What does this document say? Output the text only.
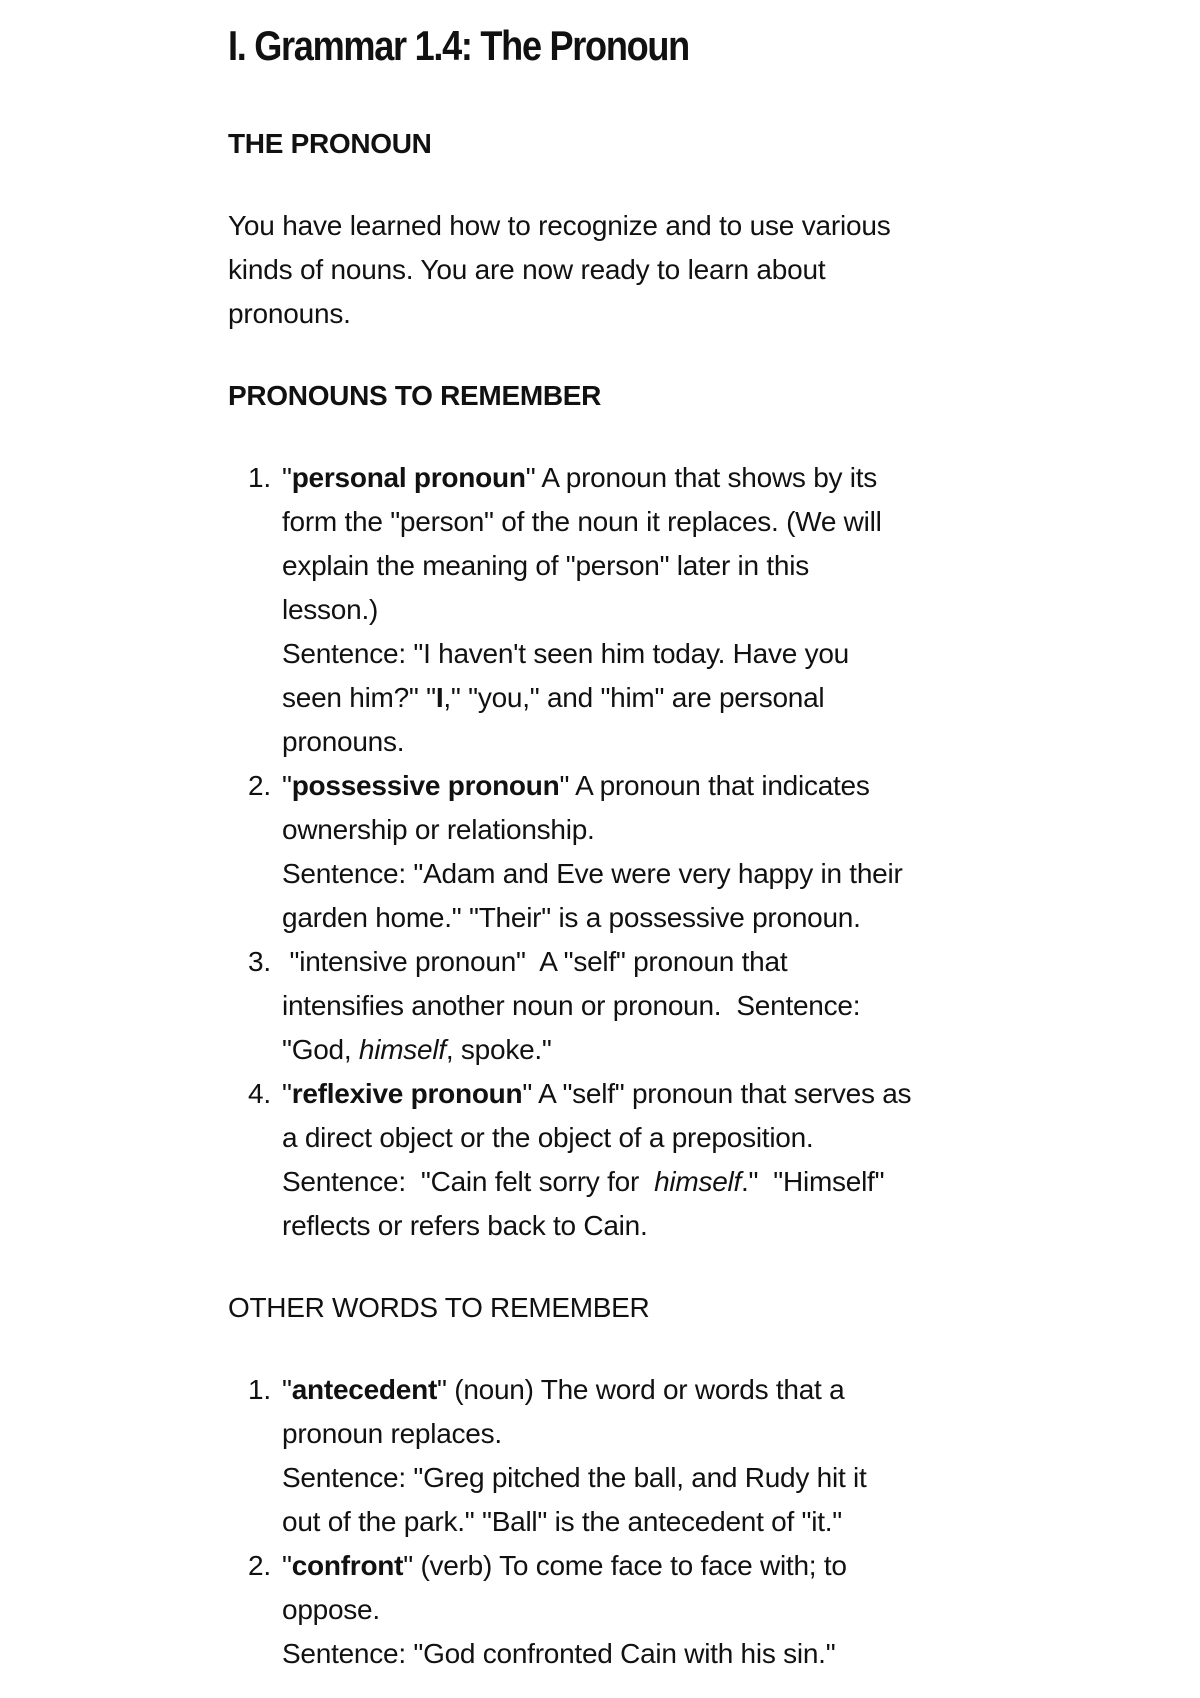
I. Grammar 1.4: The Pronoun

THE PRONOUN

You have learned how to recognize and to use various
kinds of nouns. You are now ready to learn about
pronouns.

PRONOUNS TO REMEMBER

1. "personal pronoun" A pronoun that shows by its
form the "person" of the noun it replaces. (We will
explain the meaning of "person" later in this
lesson.)
Sentence: "I haven't seen him today. Have you
seen him?" "I," "you," and "him" are personal
pronouns.
2. "possessive pronoun" A pronoun that indicates
ownership or relationship.
Sentence: "Adam and Eve were very happy in their
garden home." "Their" is a possessive pronoun.
3. "intensive pronoun"  A "self" pronoun that
intensifies another noun or pronoun.  Sentence:
"God, himself, spoke."
4. "reflexive pronoun" A "self" pronoun that serves as
a direct object or the object of a preposition.
Sentence:  "Cain felt sorry for  himself."  "Himself"
reflects or refers back to Cain.

OTHER WORDS TO REMEMBER

1. "antecedent" (noun) The word or words that a
pronoun replaces.
Sentence: "Greg pitched the ball, and Rudy hit it
out of the park." "Ball" is the antecedent of "it."
2. "confront" (verb) To come face to face with; to
oppose.
Sentence: "God confronted Cain with his sin."
